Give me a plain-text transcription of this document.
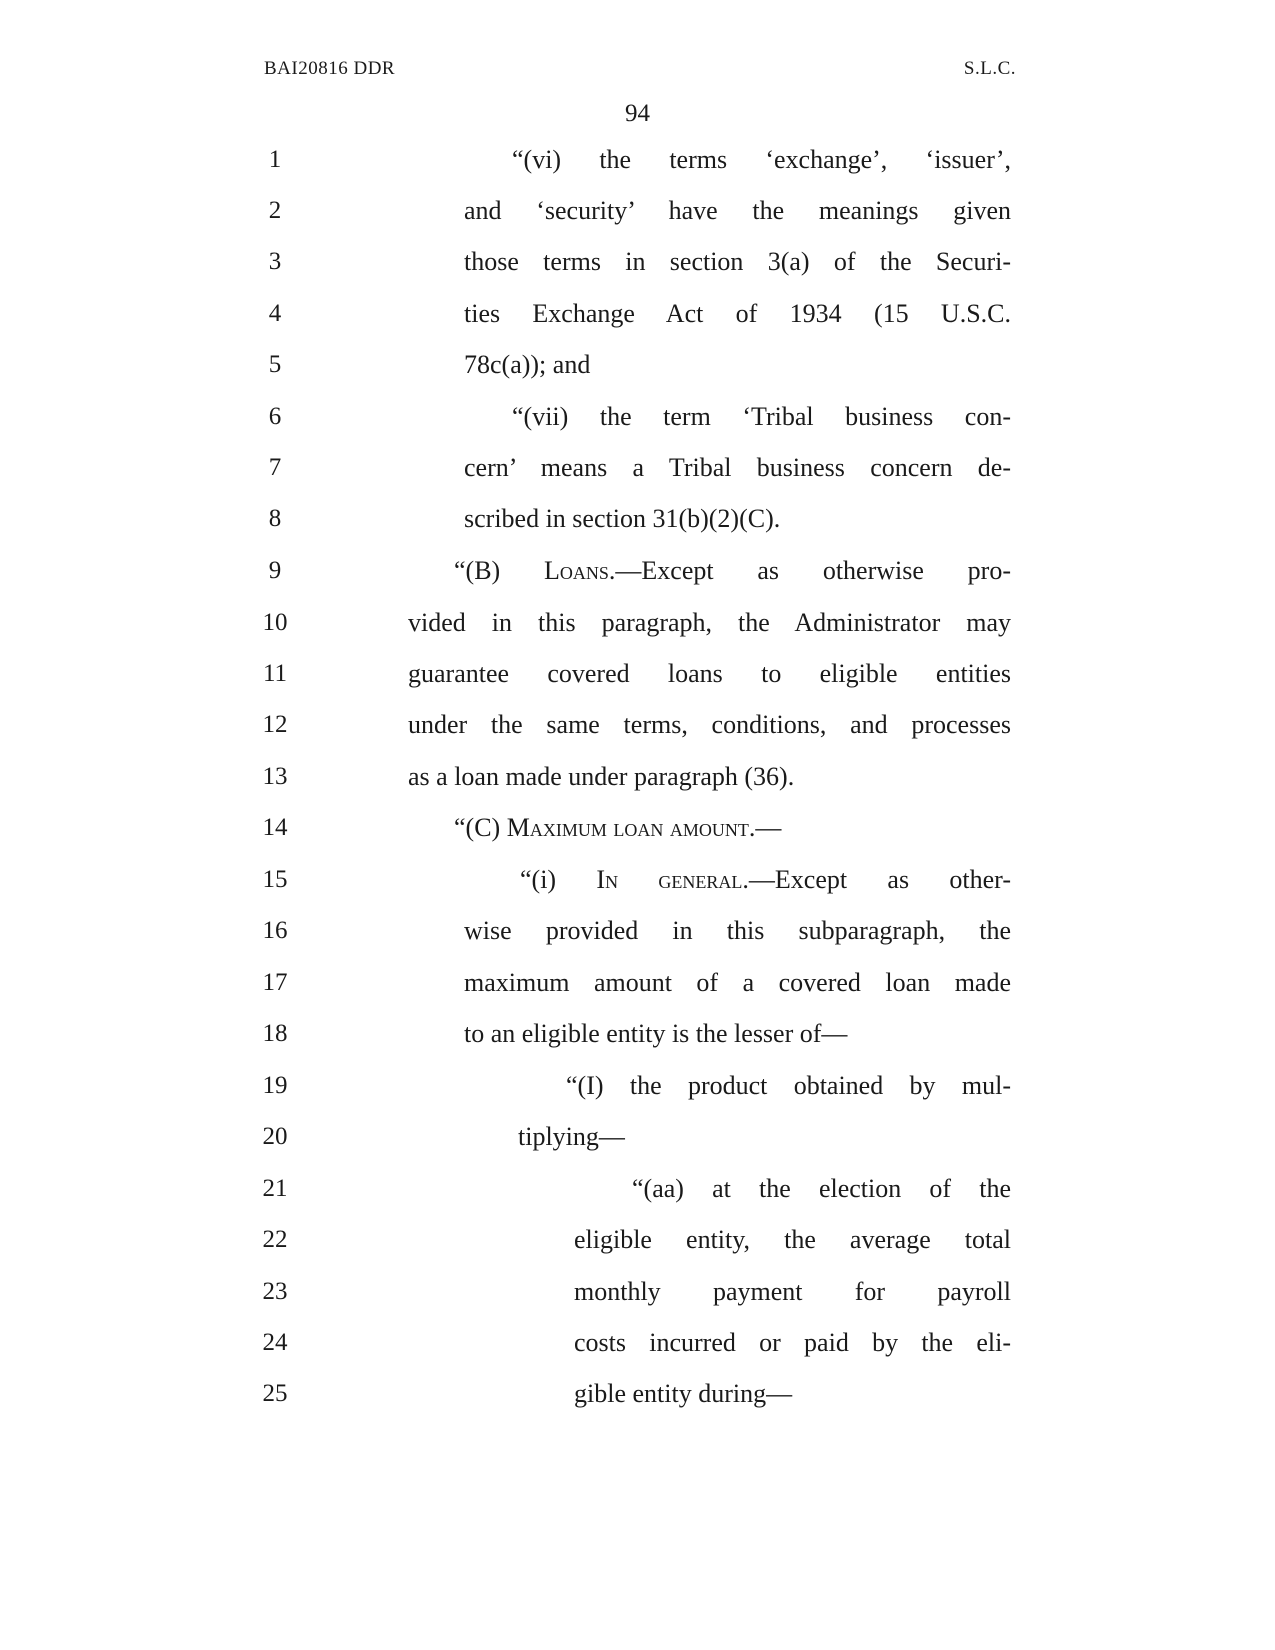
BAI20816 DDR	S.L.C.
94
1	“(vi) the terms ‘exchange’, ‘issuer’,
2	and ‘security’ have the meanings given
3	those terms in section 3(a) of the Securi-
4	ties Exchange Act of 1934 (15 U.S.C.
5	78c(a)); and
6	“(vii) the term ‘Tribal business con-
7	cern’ means a Tribal business concern de-
8	scribed in section 31(b)(2)(C).
9	“(B) Loans.—Except as otherwise pro-
10	vided in this paragraph, the Administrator may
11	guarantee covered loans to eligible entities
12	under the same terms, conditions, and processes
13	as a loan made under paragraph (36).
14	“(C) Maximum loan amount.—
15	“(i) In general.—Except as other-
16	wise provided in this subparagraph, the
17	maximum amount of a covered loan made
18	to an eligible entity is the lesser of—
19	“(I) the product obtained by mul-
20	tiplying—
21	“(aa) at the election of the
22	eligible entity, the average total
23	monthly payment for payroll
24	costs incurred or paid by the eli-
25	gible entity during—
